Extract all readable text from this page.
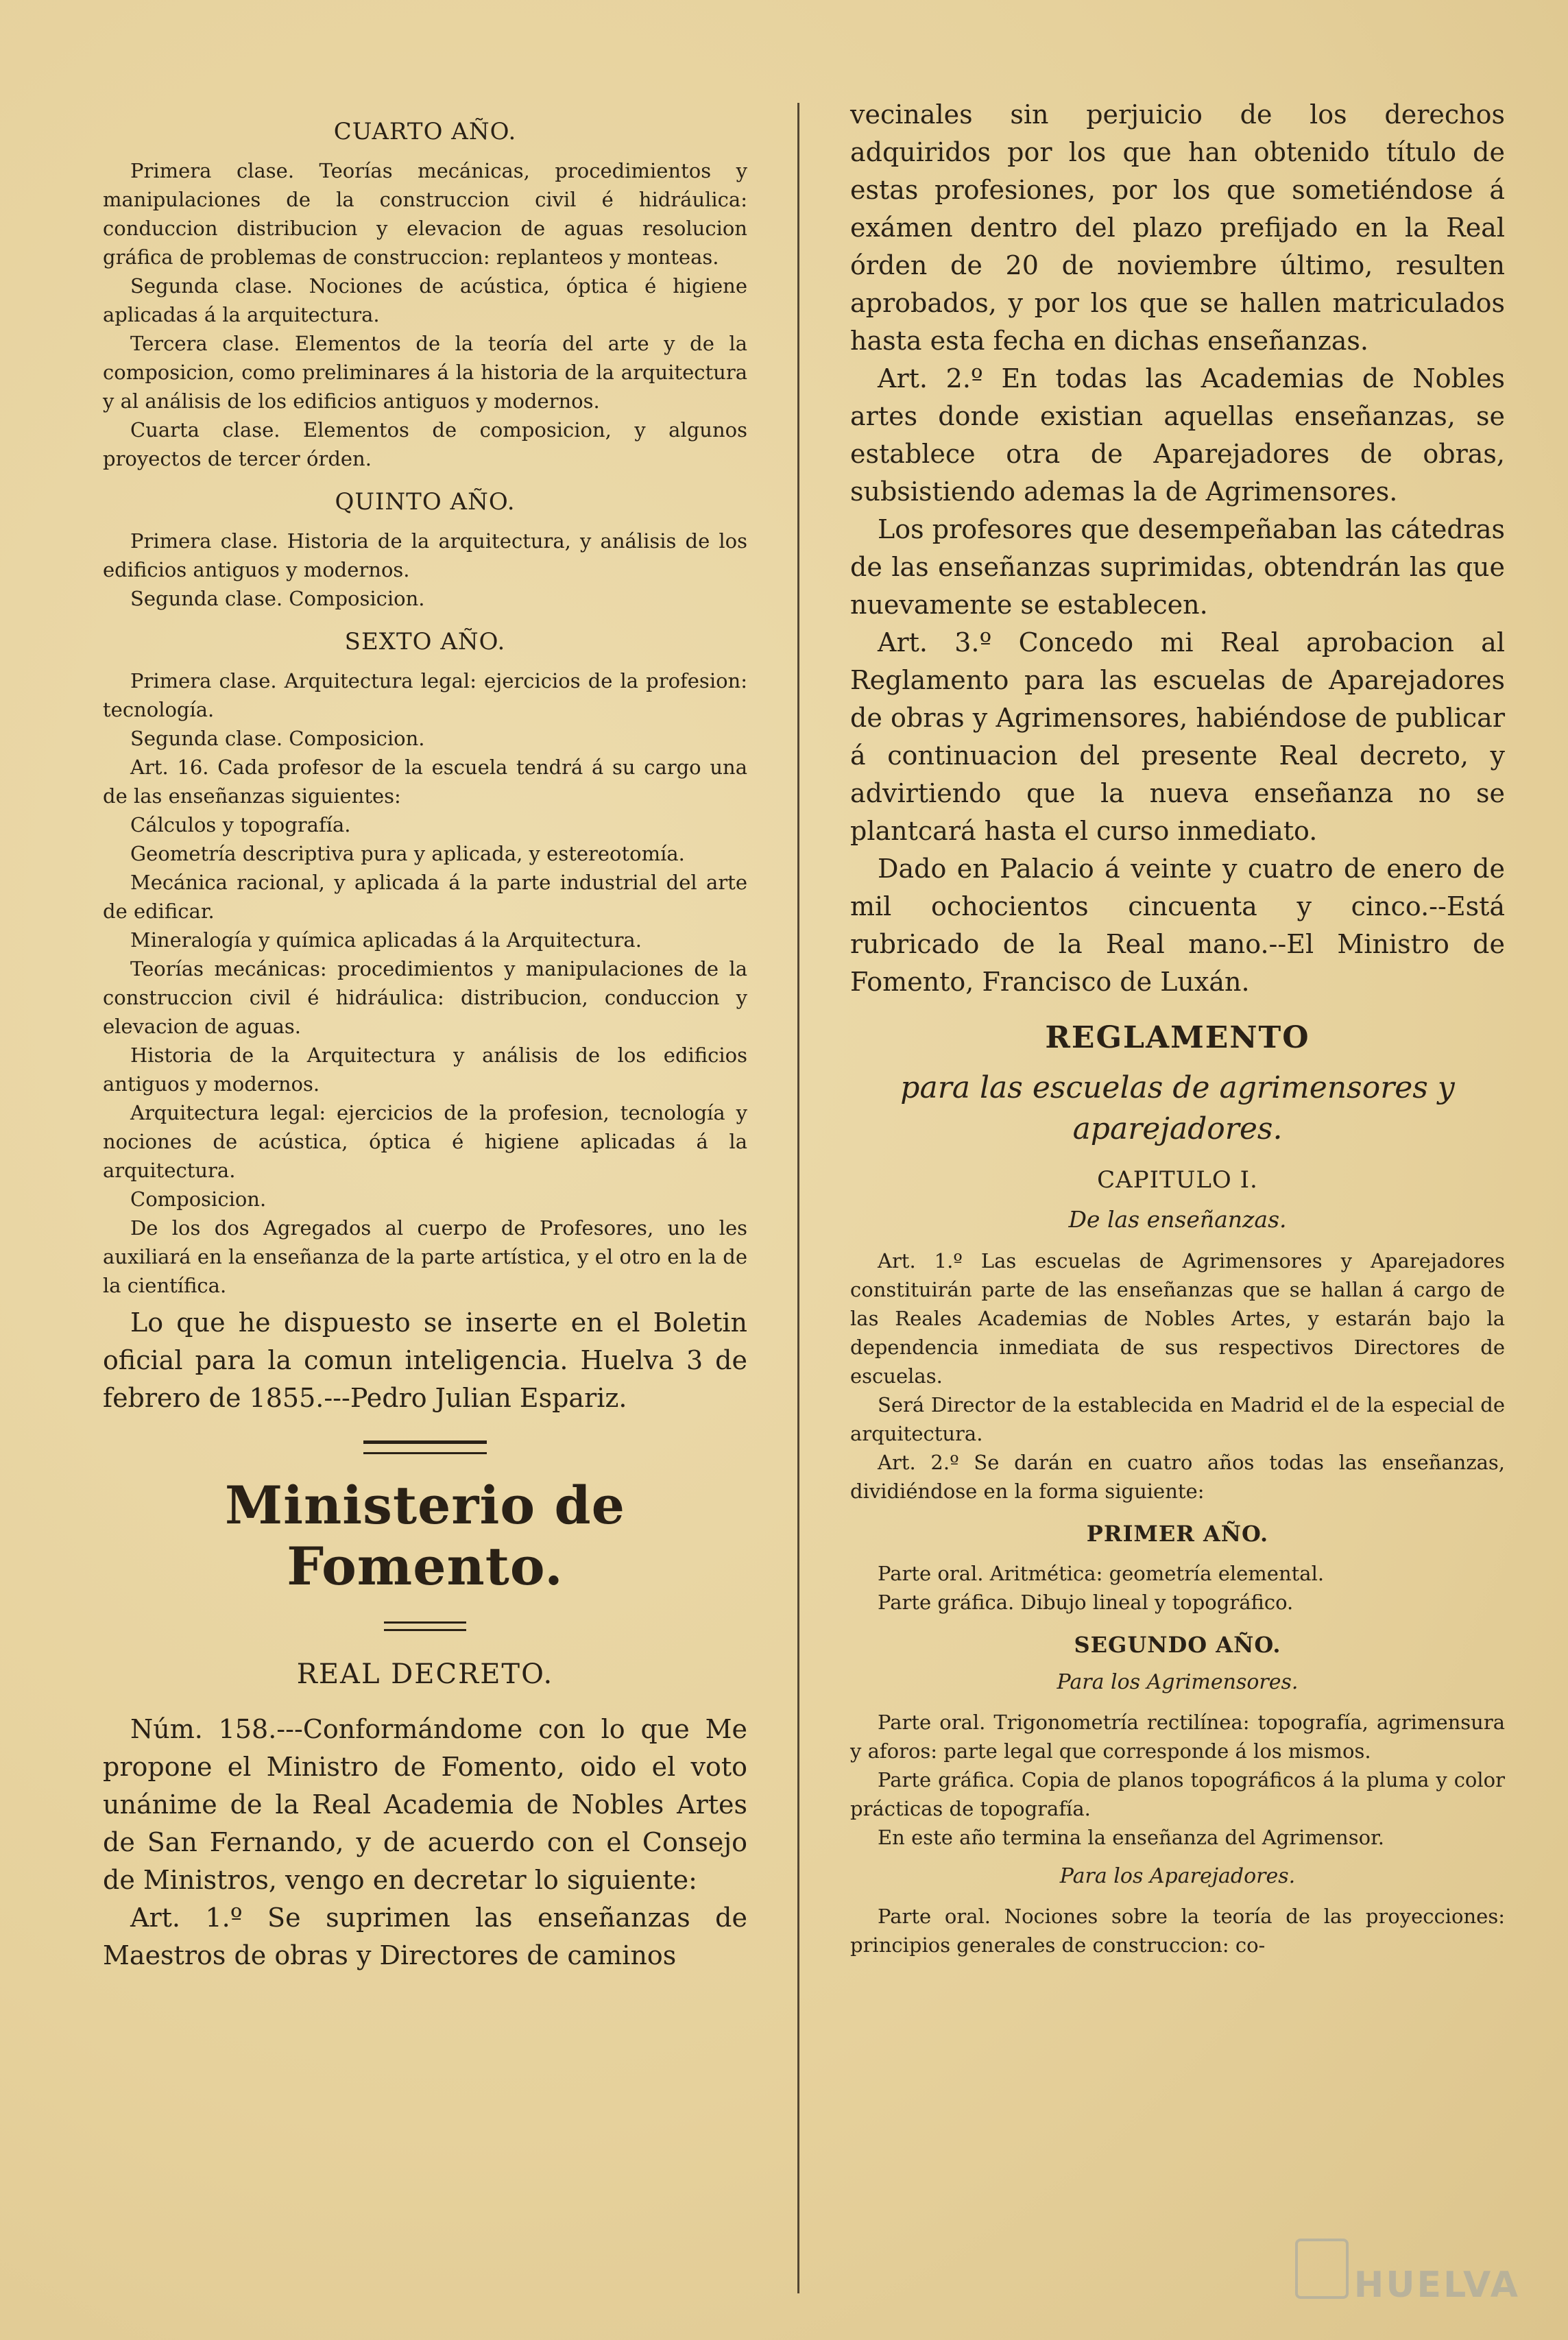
CUARTO AÑO.

Primera clase. Teorías mecánicas, procedimientos y manipulaciones de la construccion civil é hidráulica: conduccion distribucion y elevacion de aguas resolucion gráfica de problemas de construccion: replanteos y monteas.

Segunda clase. Nociones de acústica, óptica é higiene aplicadas á la arquitectura.

Tercera clase. Elementos de la teoría del arte y de la composicion, como preliminares á la historia de la arquitectura y al análisis de los edificios antiguos y modernos.

Cuarta clase. Elementos de composicion, y algunos proyectos de tercer órden.

QUINTO AÑO.

Primera clase. Historia de la arquitectura, y análisis de los edificios antiguos y modernos.

Segunda clase. Composicion.

SEXTO AÑO.

Primera clase. Arquitectura legal: ejercicios de la profesion: tecnología.

Segunda clase. Composicion.

Art. 16. Cada profesor de la escuela tendrá á su cargo una de las enseñanzas siguientes:

Cálculos y topografía.

Geometría descriptiva pura y aplicada, y estereotomía.

Mecánica racional, y aplicada á la parte industrial del arte de edificar.

Mineralogía y química aplicadas á la Arquitectura.

Teorías mecánicas: procedimientos y manipulaciones de la construccion civil é hidráulica: distribucion, conduccion y elevacion de aguas.

Historia de la Arquitectura y análisis de los edificios antiguos y modernos.

Arquitectura legal: ejercicios de la profesion, tecnología y nociones de acústica, óptica é higiene aplicadas á la arquitectura.

Composicion.

De los dos Agregados al cuerpo de Profesores, uno les auxiliará en la enseñanza de la parte artística, y el otro en la de la científica.

Lo que he dispuesto se inserte en el Boletin oficial para la comun inteligencia. Huelva 3 de febrero de 1855.---Pedro Julian Espariz.

Ministerio de Fomento.
REAL DECRETO.

Núm. 158.---Conformándome con lo que Me propone el Ministro de Fomento, oido el voto unánime de la Real Academia de Nobles Artes de San Fernando, y de acuerdo con el Consejo de Ministros, vengo en decretar lo siguiente:

Art. 1.º Se suprimen las enseñanzas de Maestros de obras y Directores de caminos

vecinales sin perjuicio de los derechos adquiridos por los que han obtenido título de estas profesiones, por los que sometiéndose á exámen dentro del plazo prefijado en la Real órden de 20 de noviembre último, resulten aprobados, y por los que se hallen matriculados hasta esta fecha en dichas enseñanzas.

Art. 2.º En todas las Academias de Nobles artes donde existian aquellas enseñanzas, se establece otra de Aparejadores de obras, subsistiendo ademas la de Agrimensores.

Los profesores que desempeñaban las cátedras de las enseñanzas suprimidas, obtendrán las que nuevamente se establecen.

Art. 3.º Concedo mi Real aprobacion al Reglamento para las escuelas de Aparejadores de obras y Agrimensores, habiéndose de publicar á continuacion del presente Real decreto, y advirtiendo que la nueva enseñanza no se plantcará hasta el curso inmediato.

Dado en Palacio á veinte y cuatro de enero de mil ochocientos cincuenta y cinco.--Está rubricado de la Real mano.--El Ministro de Fomento, Francisco de Luxán.

REGLAMENTO
para las escuelas de agrimensores y aparejadores.
CAPITULO I.
De las enseñanzas.

Art. 1.º Las escuelas de Agrimensores y Aparejadores constituirán parte de las enseñanzas que se hallan á cargo de las Reales Academias de Nobles Artes, y estarán bajo la dependencia inmediata de sus respectivos Directores de escuelas.

Será Director de la establecida en Madrid el de la especial de arquitectura.

Art. 2.º Se darán en cuatro años todas las enseñanzas, dividiéndose en la forma siguiente:

PRIMER AÑO.

Parte oral. Aritmética: geometría elemental.

Parte gráfica. Dibujo lineal y topográfico.

SEGUNDO AÑO.
Para los Agrimensores.

Parte oral. Trigonometría rectilínea: topografía, agrimensura y aforos: parte legal que corresponde á los mismos.

Parte gráfica. Copia de planos topográficos á la pluma y color prácticas de topografía.

En este año termina la enseñanza del Agrimensor.

Para los Aparejadores.

Parte oral. Nociones sobre la teoría de las proyecciones: principios generales de construccion: co-

HUELVA
